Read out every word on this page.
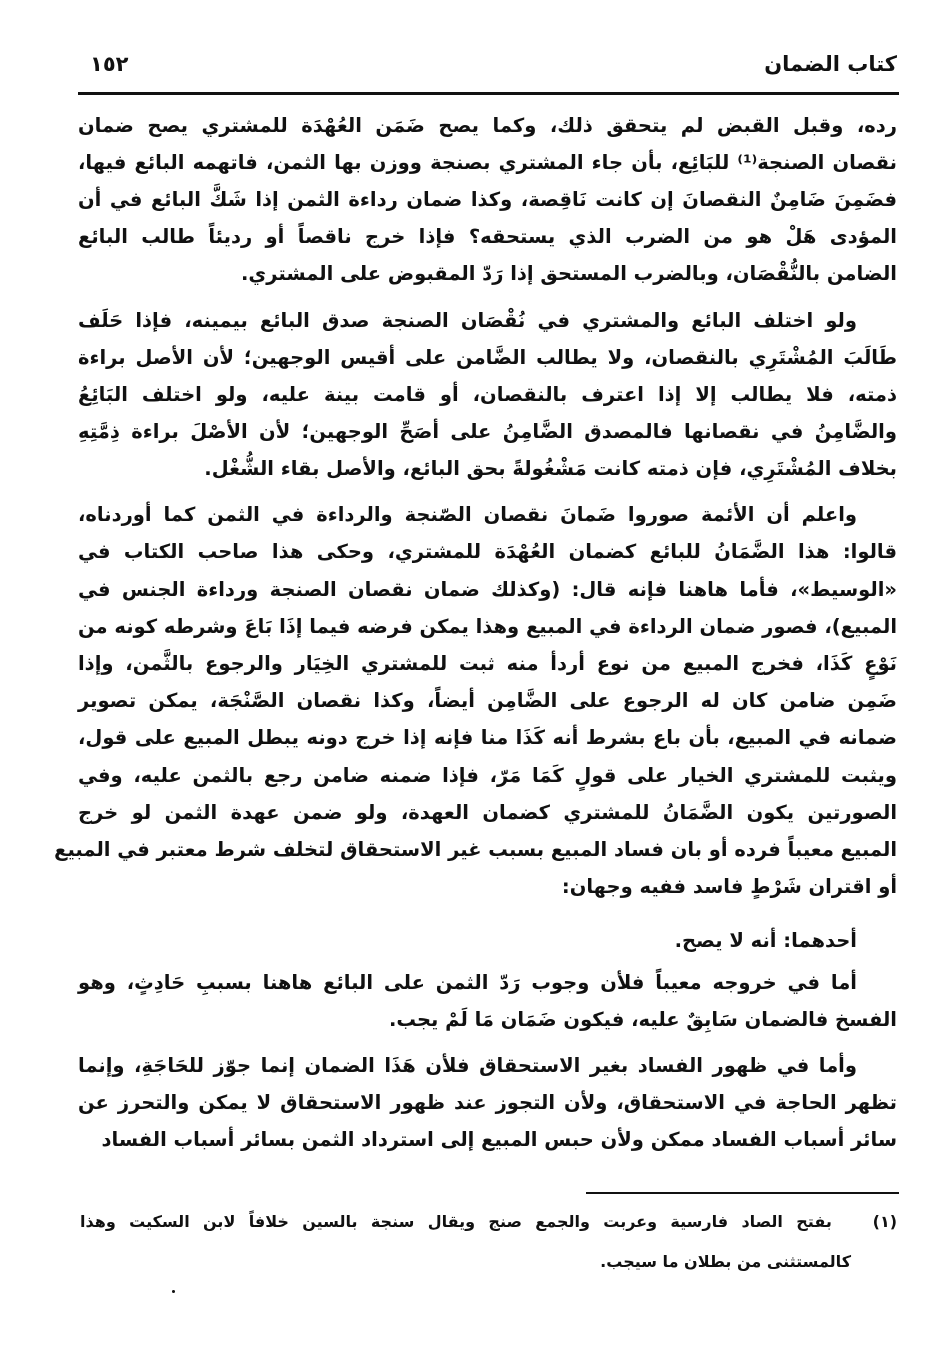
كتاب الضمان
١٥٢
رده، وقبل القبض لم يتحقق ذلك، وكما يصح ضَمَن العُهْدَة للمشتري يصح ضمان
نقصان الصنجة⁽¹⁾ للبَائِع، بأن جاء المشتري بصنجة ووزن بها الثمن، فاتهمه البائع فيها،
فضَمِنَ ضَامِنٌ النقصانَ إن كانت نَاقِصة، وكذا ضمان رداءة الثمن إذا شَكَّ البائع في أن
المؤدى هَلْ هو من الضرب الذي يستحقه؟ فإذا خرج ناقصاً أو رديئاً طالب البائع
الضامن بالنُّقْصَان، وبالضرب المستحق إذا رَدّ المقبوض على المشتري.
ولو اختلف البائع والمشتري في نُقْصَان الصنجة صدق البائع بيمينه، فإذا حَلَف
طَالَبَ المُشْتَرِي بالنقصان، ولا يطالب الضَّامن على أقيس الوجهين؛ لأن الأصل براءة
ذمته، فلا يطالب إلا إذا اعترف بالنقصان، أو قامت بينة عليه، ولو اختلف البَائِعُ
والضَّامِنُ في نقصانها فالمصدق الضَّامِنُ على أصَحِّ الوجهين؛ لأن الأصْلَ براءة ذِمَّتِهِ
بخلاف المُشْتَرِي، فإن ذمته كانت مَشْغُولةً بحق البائع، والأصل بقاء الشُّغْل.
واعلم أن الأئمة صوروا ضَمانَ نقصان الصّنجة والرداءة في الثمن كما أوردناه،
قالوا: هذا الضَّمَانُ للبائع كضمان العُهْدَة للمشتري، وحكى هذا صاحب الكتاب في
«الوسيط»، فأما هاهنا فإنه قال: (وكذلك ضمان نقصان الصنجة ورداءة الجنس في
المبيع)، فصور ضمان الرداءة في المبيع وهذا يمكن فرضه فيما إذَا بَاعَ وشرطه كونه من
نَوْعٍ كَذَا، فخرج المبيع من نوع أردأ منه ثبت للمشتري الخِيَار والرجوع بالثَّمن، وإذا
ضَمِن ضامن كان له الرجوع على الضَّامِن أيضاً، وكذا نقصان الصَّنْجَة، يمكن تصوير
ضمانه في المبيع، بأن باع بشرط أنه كَذَا منا فإنه إذا خرج دونه يبطل المبيع على قول،
ويثبت للمشتري الخيار على قولٍ كَمَا مَرّ، فإذا ضمنه ضامن رجع بالثمن عليه، وفي
الصورتين يكون الضَّمَانُ للمشتري كضمان العهدة، ولو ضمن عهدة الثمن لو خرج
المبيع معيباً فرده أو بان فساد المبيع بسبب غير الاستحقاق لتخلف شرط معتبر في المبيع
أو اقتران شَرْطٍ فاسد ففيه وجهان:
أحدهما: أنه لا يصح.
أما في خروجه معيباً فلأن وجوب رَدّ الثمن على البائع هاهنا بسببِ حَادِثٍ، وهو
الفسخ فالضمان سَابِقٌ عليه، فيكون ضَمَان مَا لَمْ يجب.
وأما في ظهور الفساد بغير الاستحقاق فلأن هَذَا الضمان إنما جوّز للحَاجَةِ، وإنما
تظهر الحاجة في الاستحقاق، ولأن التجوز عند ظهور الاستحقاق لا يمكن والتحرز عن
سائر أسباب الفساد ممكن ولأن حبس المبيع إلى استرداد الثمن بسائر أسباب الفساد
(١)  بفتح الصاد فارسية وعربت والجمع صنج ويقال سنجة بالسين خلافاً لابن السكيت وهذا
كالمستثنى من بطلان ما سيجب.
